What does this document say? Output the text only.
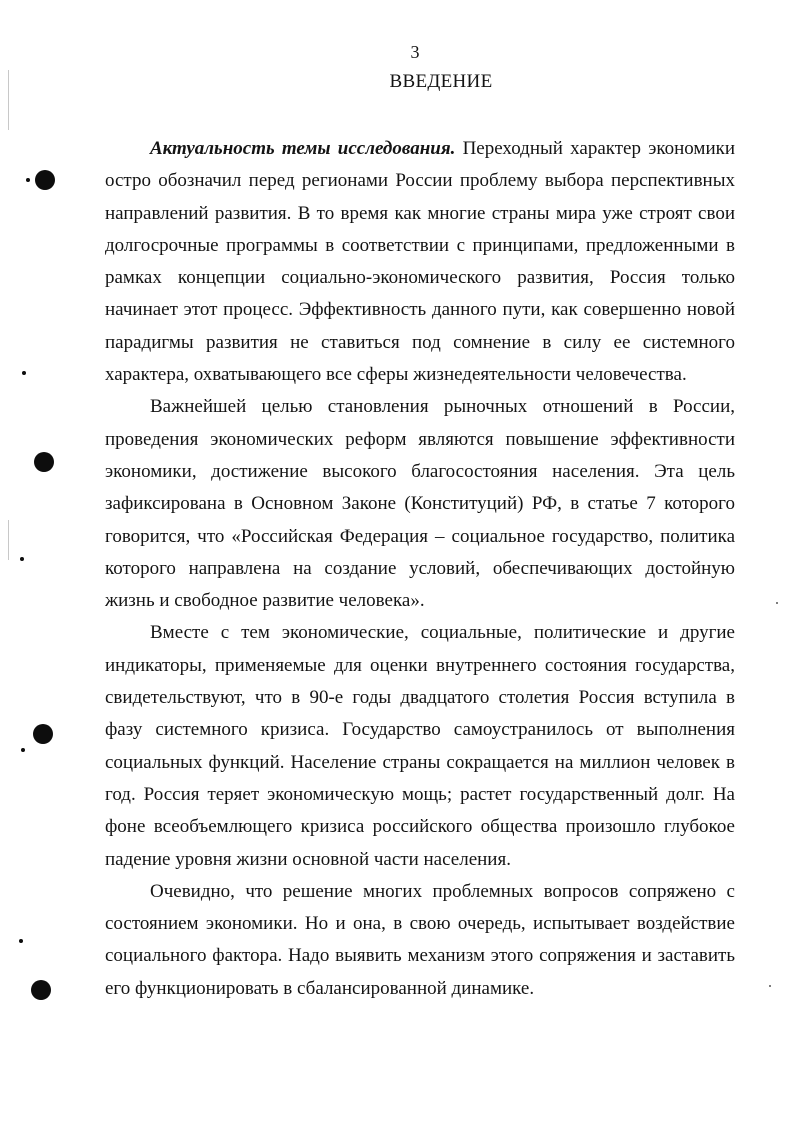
3
ВВЕДЕНИЕ

Актуальность темы исследования. Переходный характер экономики остро обозначил перед регионами России проблему выбора перспективных направлений развития. В то время как многие страны мира уже строят свои долгосрочные программы в соответствии с принципами, предложенными в рамках концепции социально-экономического развития, Россия только начинает этот процесс. Эффективность данного пути, как совершенно новой парадигмы развития не ставиться под сомнение в силу ее системного характера, охватывающего все сферы жизнедеятельности человечества.

Важнейшей целью становления рыночных отношений в России, проведения экономических реформ являются повышение эффективности экономики, достижение высокого благосостояния населения. Эта цель зафиксирована в Основном Законе (Конституций) РФ, в статье 7 которого говорится, что «Российская Федерация – социальное государство, политика которого направлена на создание условий, обеспечивающих достойную жизнь и свободное развитие человека».

Вместе с тем экономические, социальные, политические и другие индикаторы, применяемые для оценки внутреннего состояния государства, свидетельствуют, что в 90-е годы двадцатого столетия Россия вступила в фазу системного кризиса. Государство самоустранилось от выполнения социальных функций. Население страны сокращается на миллион человек в год. Россия теряет экономическую мощь; растет государственный долг. На фоне всеобъемлющего кризиса российского общества произошло глубокое падение уровня жизни основной части населения.

Очевидно, что решение многих проблемных вопросов сопряжено с состоянием экономики. Но и она, в свою очередь, испытывает воздействие социального фактора. Надо выявить механизм этого сопряжения и заставить его функционировать в сбалансированной динамике.
